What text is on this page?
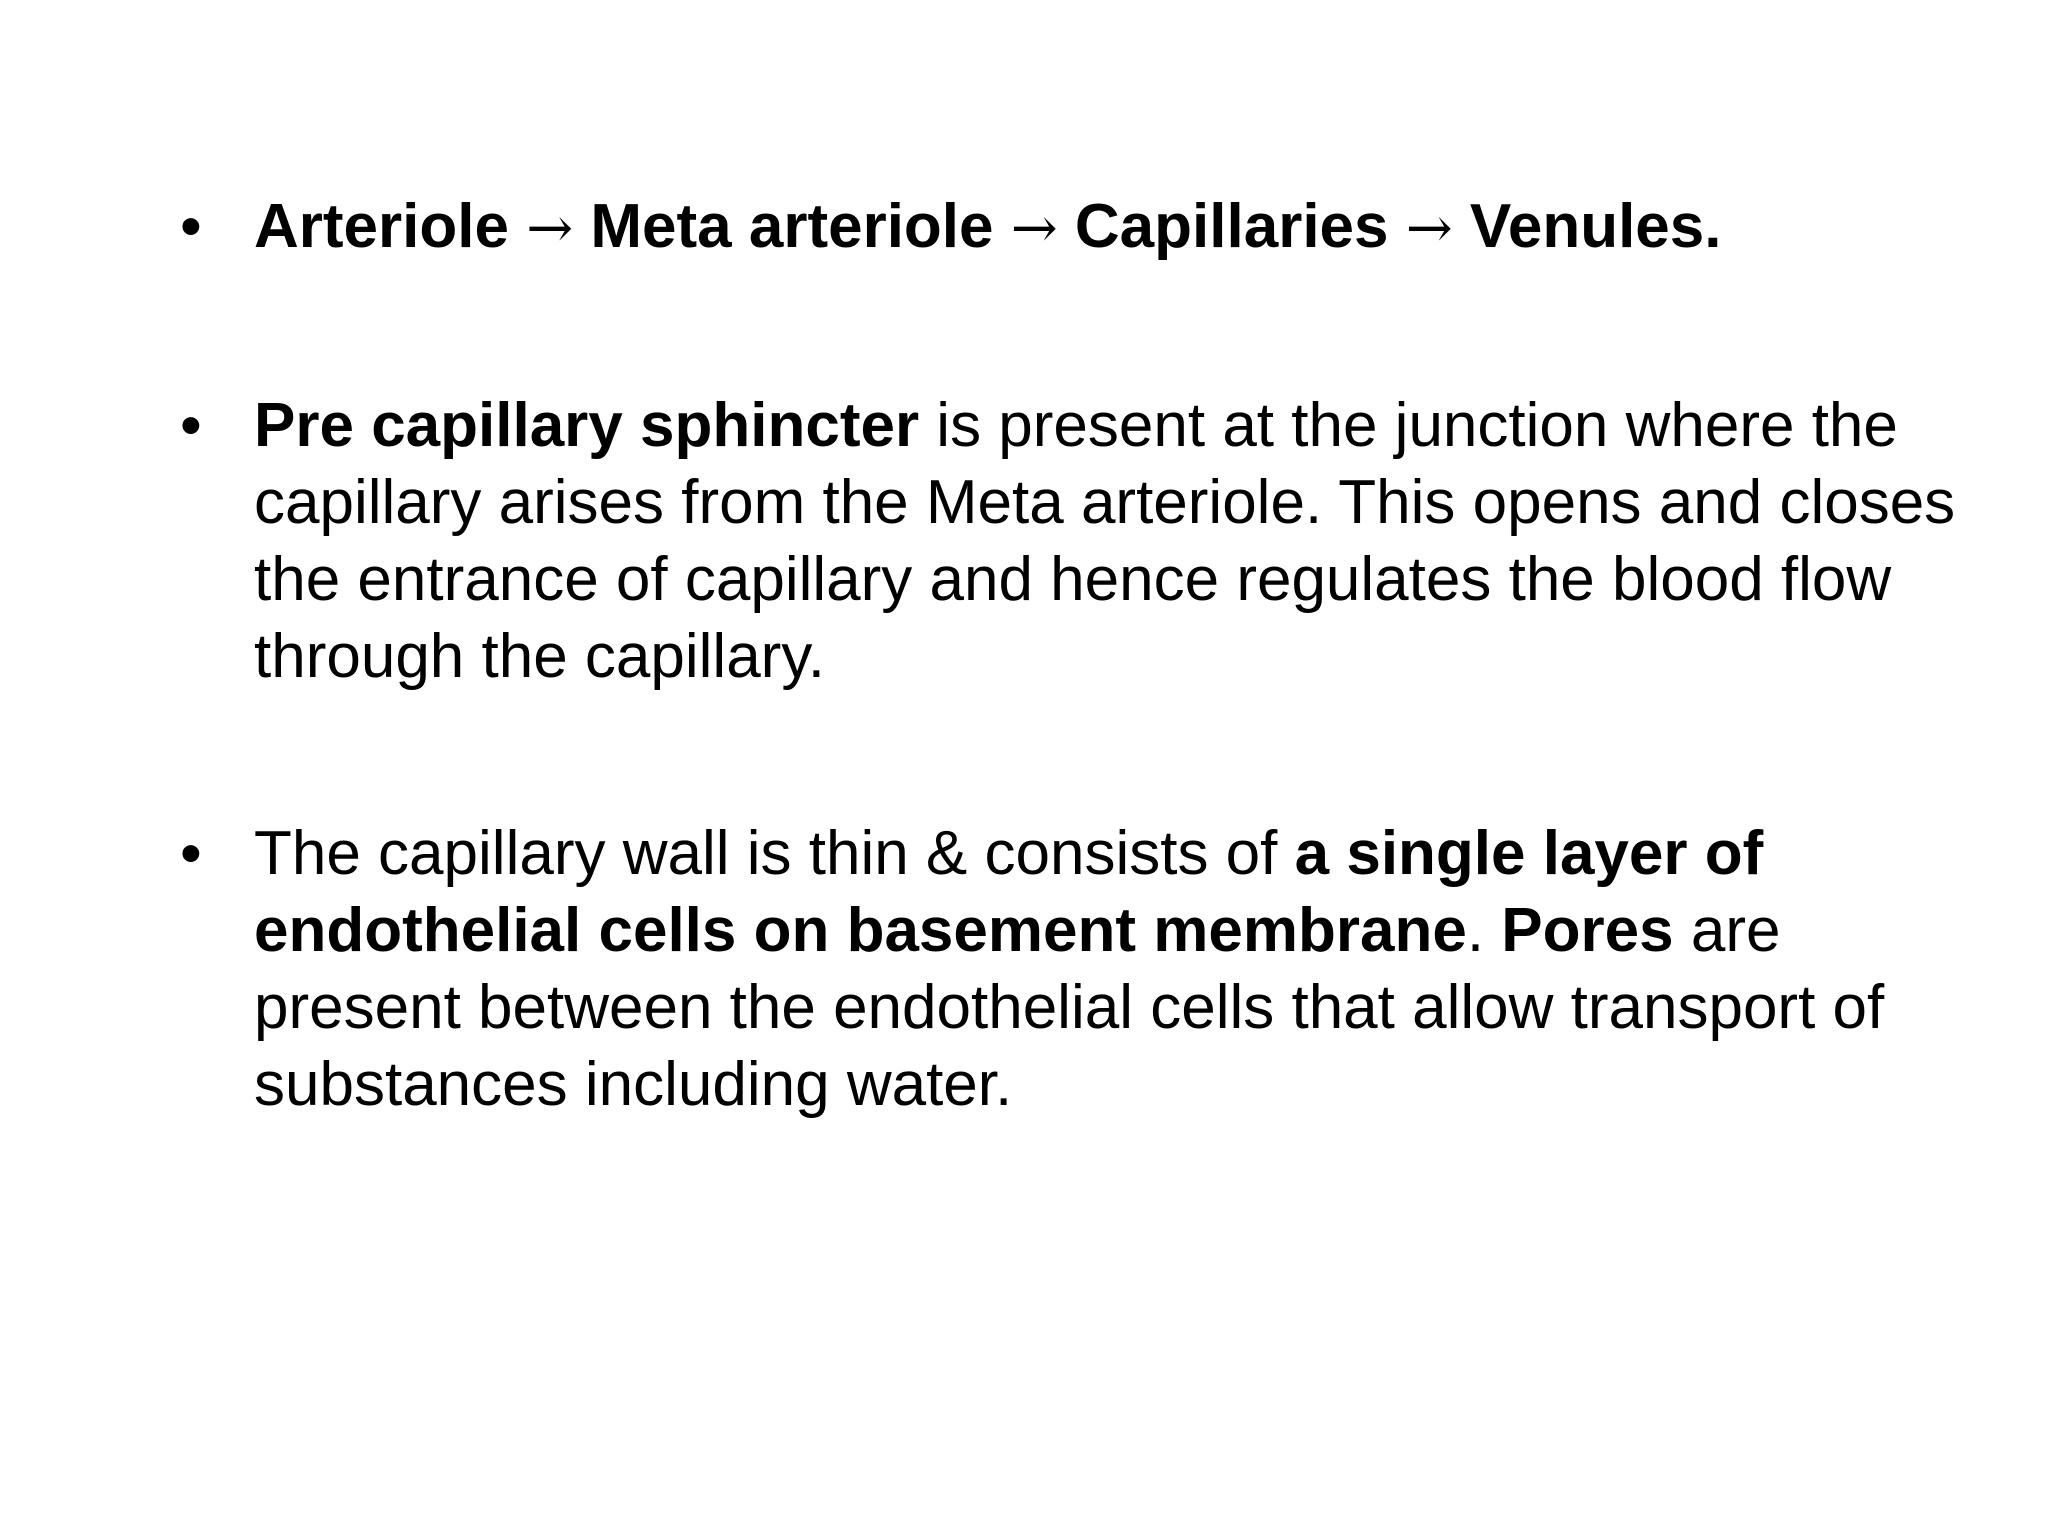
• Arteriole → Meta arteriole → Capillaries → Venules.
• Pre capillary sphincter is present at the junction where the capillary arises from the Meta arteriole. This opens and closes the entrance of capillary and hence regulates the blood flow through the capillary.
• The capillary wall is thin & consists of a single layer of endothelial cells on basement membrane. Pores are present between the endothelial cells that allow transport of substances including water.
